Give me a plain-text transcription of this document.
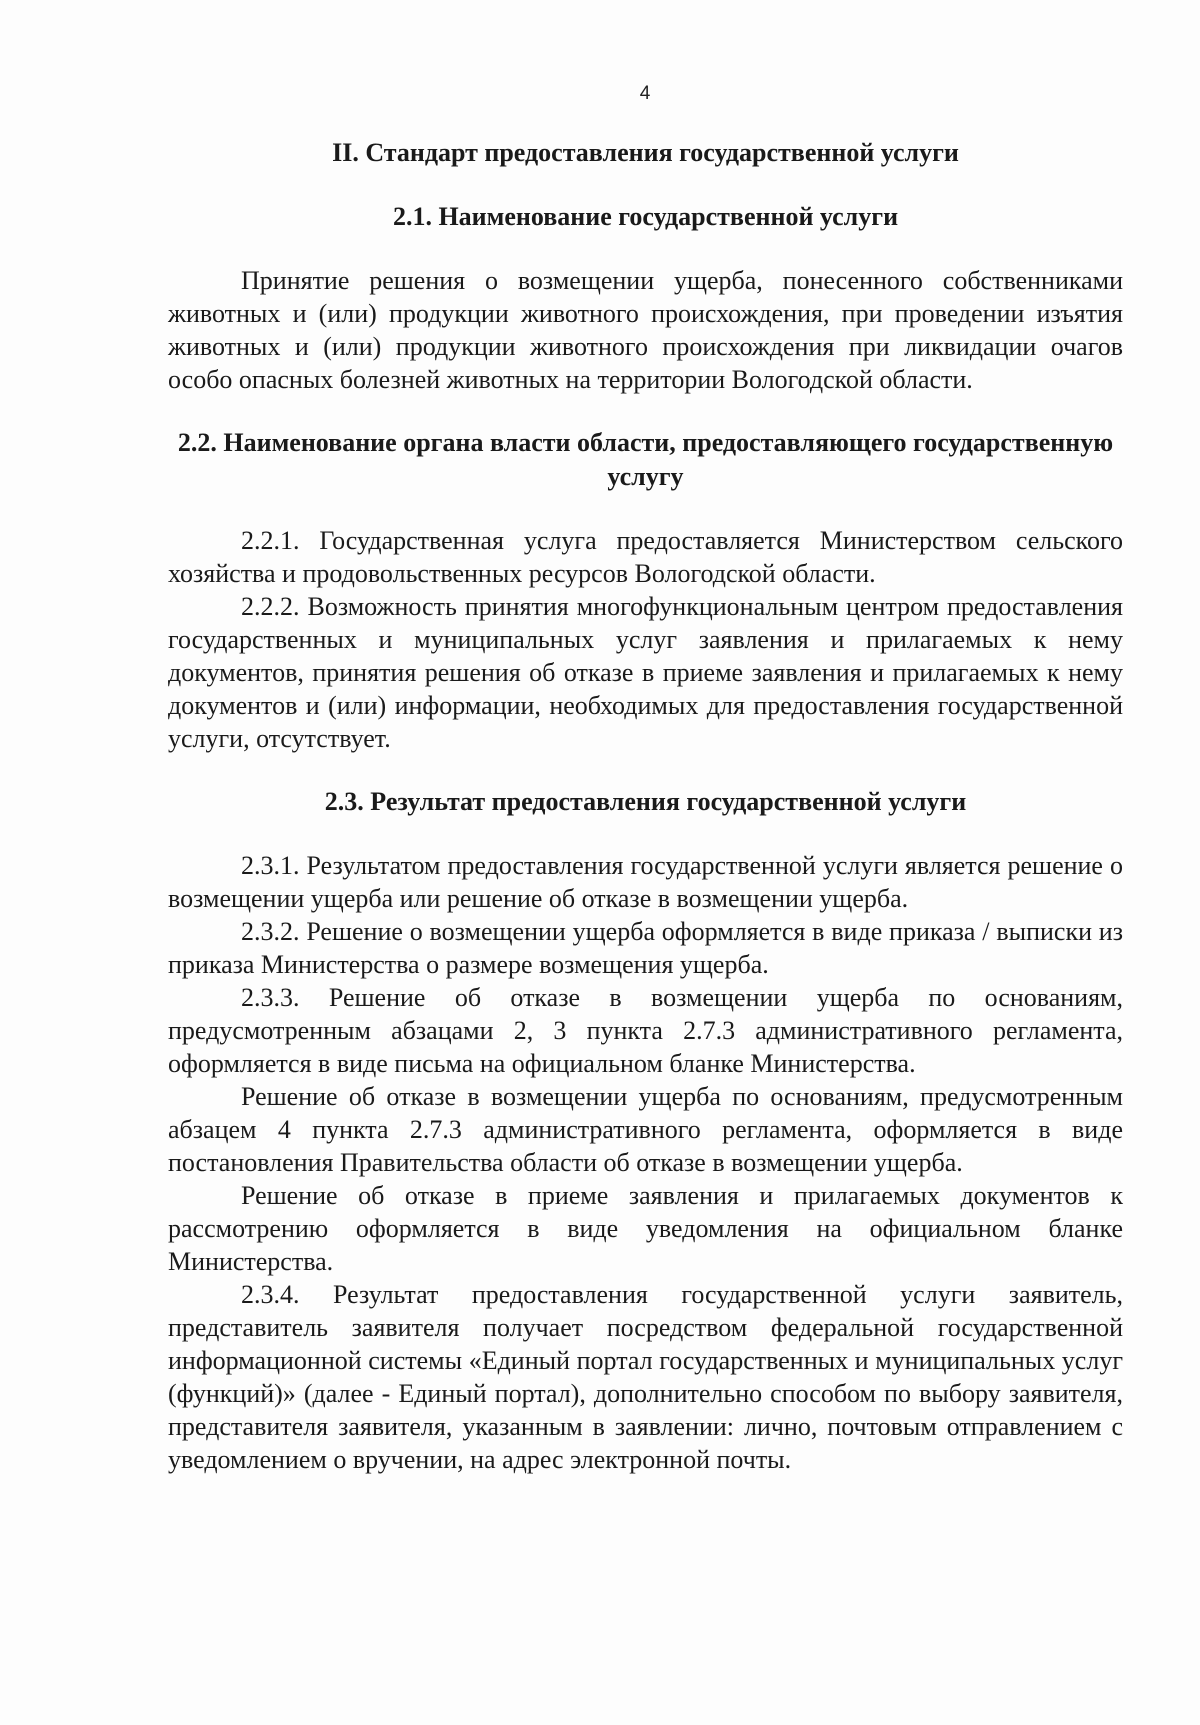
4
II. Стандарт предоставления государственной услуги
2.1. Наименование государственной услуги

Принятие решения о возмещении ущерба, понесенного собственниками животных и (или) продукции животного происхождения, при проведении изъятия животных и (или) продукции животного происхождения при ликвидации очагов особо опасных болезней животных на территории Вологодской области.

2.2. Наименование органа власти области, предоставляющего государственную услугу

2.2.1. Государственная услуга предоставляется Министерством сельского хозяйства и продовольственных ресурсов Вологодской области.

2.2.2. Возможность принятия многофункциональным центром предоставления государственных и муниципальных услуг заявления и прилагаемых к нему документов, принятия решения об отказе в приеме заявления и прилагаемых к нему документов и (или) информации, необходимых для предоставления государственной услуги, отсутствует.

2.3. Результат предоставления государственной услуги

2.3.1. Результатом предоставления государственной услуги является решение о возмещении ущерба или решение об отказе в возмещении ущерба.

2.3.2. Решение о возмещении ущерба оформляется в виде приказа / выписки из приказа Министерства о размере возмещения ущерба.

2.3.3. Решение об отказе в возмещении ущерба по основаниям, предусмотренным абзацами 2, 3 пункта 2.7.3 административного регламента, оформляется в виде письма на официальном бланке Министерства.

Решение об отказе в возмещении ущерба по основаниям, предусмотренным абзацем 4 пункта 2.7.3 административного регламента, оформляется в виде постановления Правительства области об отказе в возмещении ущерба.

Решение об отказе в приеме заявления и прилагаемых документов к рассмотрению оформляется в виде уведомления на официальном бланке Министерства.

2.3.4. Результат предоставления государственной услуги заявитель, представитель заявителя получает посредством федеральной государственной информационной системы «Единый портал государственных и муниципальных услуг (функций)» (далее - Единый портал), дополнительно способом по выбору заявителя, представителя заявителя, указанным в заявлении: лично, почтовым отправлением с уведомлением о вручении, на адрес электронной почты.
